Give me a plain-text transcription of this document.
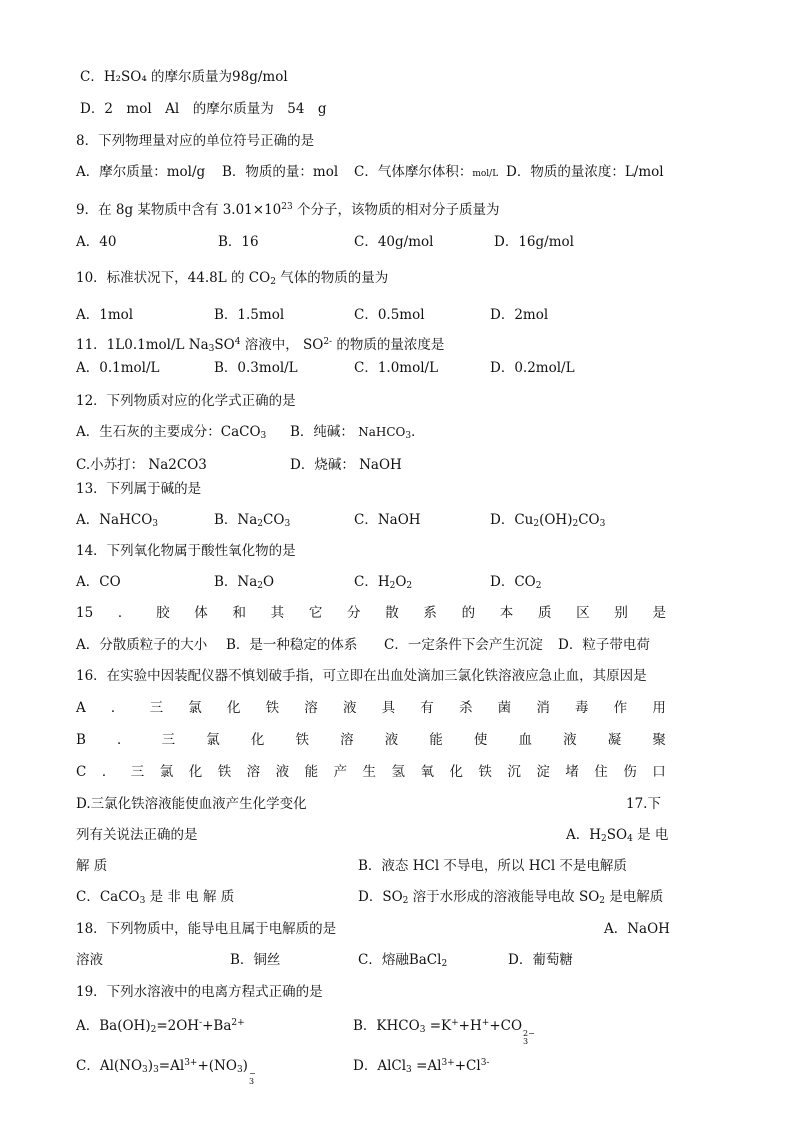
C．H₂SO₄ 的摩尔质量为98g/mol
D．2　mol　Al　的摩尔质量为　54　g
8．下列物理量对应的单位符号正确的是
A．摩尔质量：mol/g B．物质的量：mol C．气体摩尔体积：mol/L D．物质的量浓度：L/mol
9．在 8g 某物质中含有 $3.01\times 10^{23}$ 个分子，该物质的相对分子质量为
A．40	B．16	C．40g/mol	D．16g/mol
10．标准状况下，44.8L 的 $CO_2$ 气体的物质的量为
A．1mol	B．1.5mol	C．0.5mol	D．2mol
11．1L0.1mol/L $Na_3SO^4$ 溶液中， $SO^{2-}$ 的物质的量浓度是
A．0.1mol/L	B．0.3mol/L	C．1.0mol/L	D．0.2mol/L
12．下列物质对应的化学式正确的是
A．生石灰的主要成分：CaCO$_3$ B．纯碱： NaHCO$_3$．
C.小苏打： Na2CO3	D．烧碱： NaOH
13．下列属于碱的是
A．NaHCO$_3$	B．$Na_2CO_3$	C．NaOH	D．$Cu_2(OH)_2CO_3$
14．下列氧化物属于酸性氧化物的是
A．CO	B．$Na_2O$	C．$H_2O_2$	D．$CO_2$
15 ． 胶 体 和 其 它 分 散 系 的 本 质 区 别 是
A．分散质粒子的大小 B．是一种稳定的体系 C．一定条件下会产生沉淀 D．粒子带电荷
16．在实验中因装配仪器不慎划破手指，可立即在出血处滴加三氯化铁溶液应急止血，其原因是
A ． 三 氯 化 铁 溶 液 具 有 杀 菌 消 毒 作 用
B ． 三 氯 化 铁 溶 液 能 使 血 液 凝 聚
C ． 三 氯 化 铁 溶 液 能 产 生 氢 氧 化 铁 沉 淀 堵 住 伤 口
D.三氯化铁溶液能使血液产生化学变化	17.下
列有关说法正确的是	A．$H_2SO_4$ 是 电
解 质	B．液态 HCl 不导电，所以 HCl 不是电解质
C．CaCO$_3$ 是 非 电 解 质	D．$SO_2$ 溶于水形成的溶液能导电故 $SO_2$ 是电解质
18．下列物质中，能导电且属于电解质的是	A．NaOH
溶液	B．铜丝	C．熔融BaCl$_2$	D．葡萄糖
19．下列水溶液中的电离方程式正确的是
A．$Ba(OH)_2=2OH^-+Ba^{2+}$	B．$KHCO_3 =K^++H^++CO$ 2−
3
C．$Al(NO_3)_3=Al^{3+}+(NO_3)$ −
3
D．AlCl$_3$ $=Al^{3+}+Cl^{3-}$
